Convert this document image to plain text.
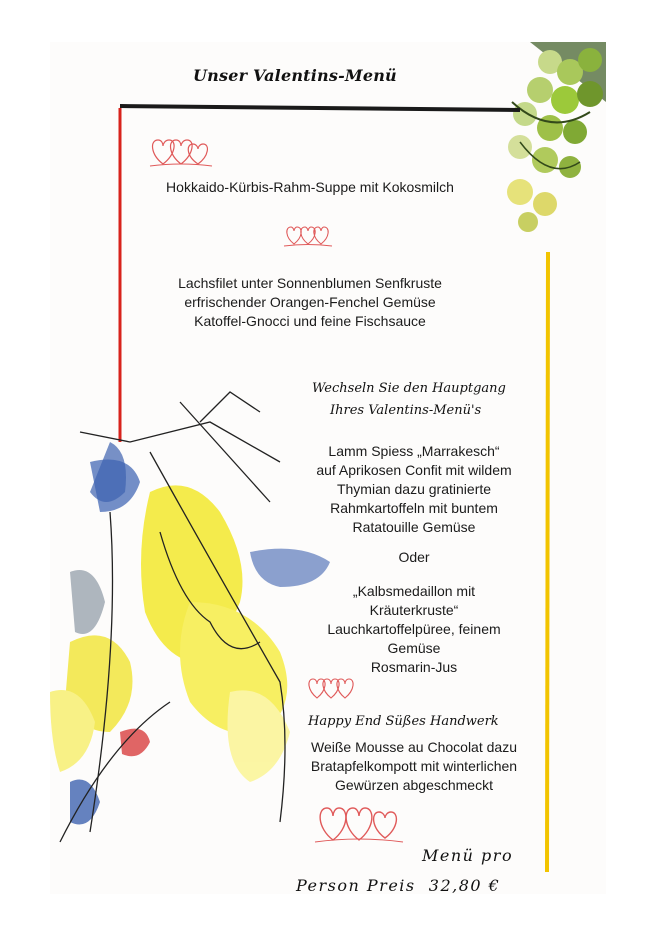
Unser Valentins-Menü
Hokkaido-Kürbis-Rahm-Suppe mit Kokosmilch
Lachsfilet unter Sonnenblumen Senfkruste
erfrischender Orangen-Fenchel Gemüse
Katoffel-Gnocci und feine Fischsauce
Wechseln Sie den Hauptgang
Ihres Valentins-Menü's
Lamm Spiess „Marrakesch“
auf Aprikosen Confit mit wildem
Thymian dazu gratinierte
Rahmkartoffeln mit buntem
Ratatouille Gemüse
Oder
„Kalbsmedaillon mit
Kräuterkruste“
Lauchkartoffelpüree, feinem
Gemüse
Rosmarin-Jus
Happy End Süßes Handwerk
Weiße Mousse au Chocolat dazu
Bratapfelkompott mit winterlichen
Gewürzen abgeschmeckt
Menü pro
Person Preis  32,80 €
